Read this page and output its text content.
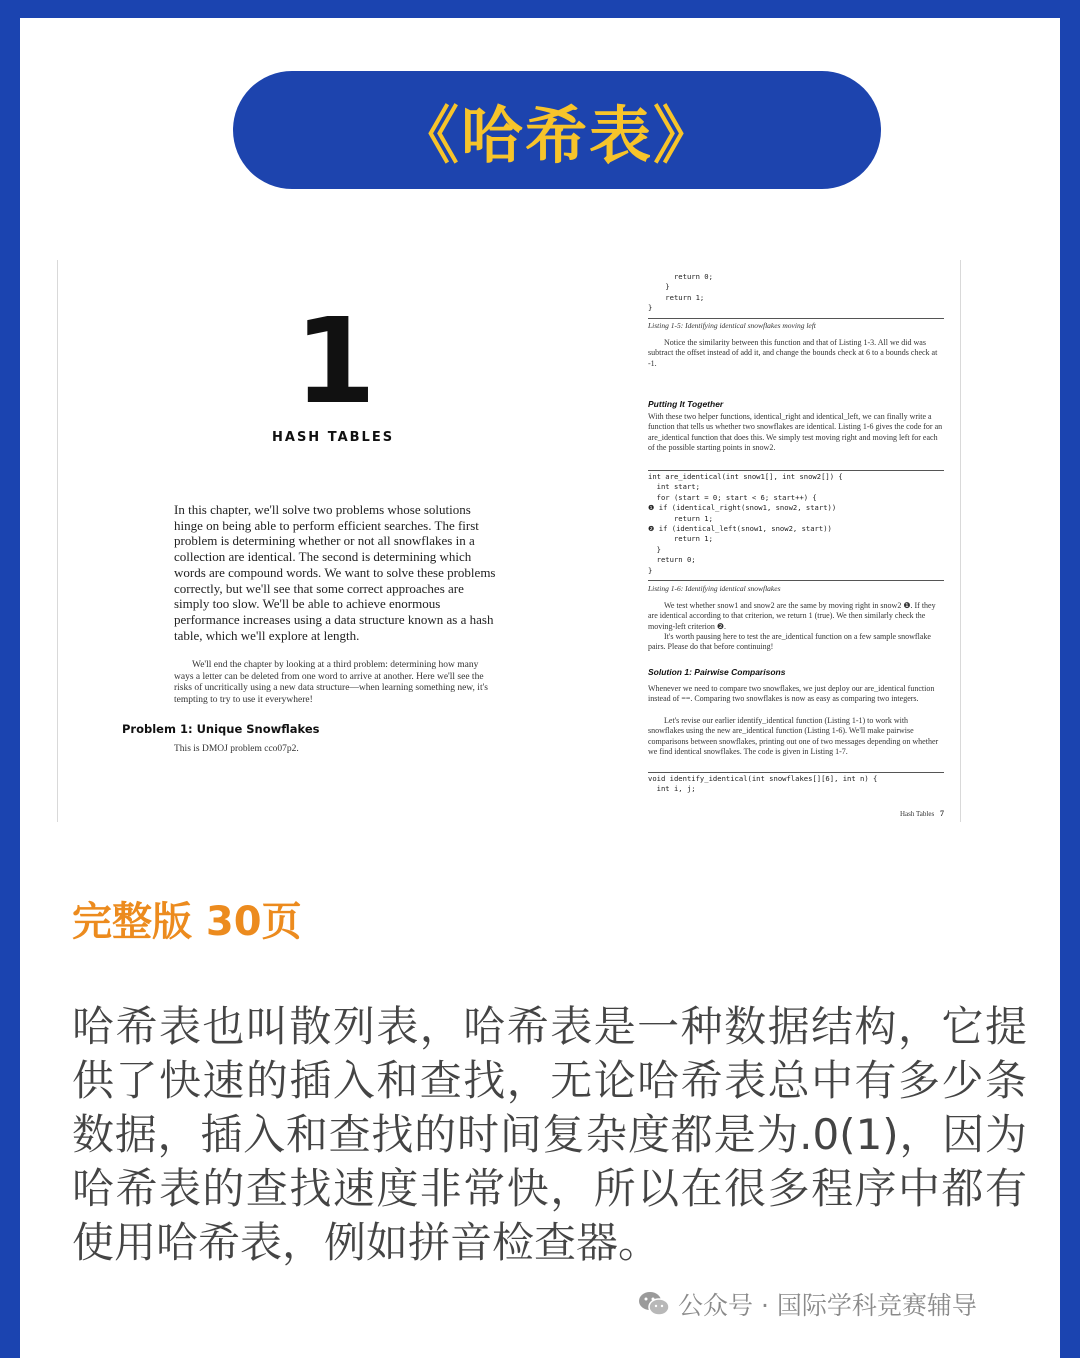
《哈希表》
1
HASH TABLES

In this chapter, we'll solve two problems whose solutions hinge on being able to perform efficient searches. The first problem is determining whether or not all snowflakes in a collection are identical. The second is determining which words are compound words. We want to solve these problems correctly, but we'll see that some correct approaches are simply too slow. We'll be able to achieve enormous performance increases using a data structure known as a hash table, which we'll explore at length.

We'll end the chapter by looking at a third problem: determining how many ways a letter can be deleted from one word to arrive at another. Here we'll see the risks of uncritically using a new data structure—when learning something new, it's tempting to try to use it everywhere!

Problem 1: Unique Snowflakes
This is DMOJ problem cco07p2.
return 0;
}
return 1;
}
Listing 1-5: Identifying identical snowflakes moving left

Notice the similarity between this function and that of Listing 1-3. All we did was subtract the offset instead of add it, and change the bounds check at 6 to a bounds check at -1.

Putting It Together

With these two helper functions, identical_right and identical_left, we can finally write a function that tells us whether two snowflakes are identical. Listing 1-6 gives the code for an are_identical function that does this. We simply test moving right and moving left for each of the possible starting points in snow2.

int are_identical(int snow1[], int snow2[]) {
int start;
for (start = 0; start < 6; start++) {
❶ if (identical_right(snow1, snow2, start))
return 1;
❷ if (identical_left(snow1, snow2, start))
return 1;
}
return 0;
}
Listing 1-6: Identifying identical snowflakes

We test whether snow1 and snow2 are the same by moving right in snow2 ❶. If they are identical according to that criterion, we return 1 (true). We then similarly check the moving-left criterion ❷.

It's worth pausing here to test the are_identical function on a few sample snowflake pairs. Please do that before continuing!

Solution 1: Pairwise Comparisons

Whenever we need to compare two snowflakes, we just deploy our are_identical function instead of ==. Comparing two snowflakes is now as easy as comparing two integers.

Let's revise our earlier identify_identical function (Listing 1-1) to work with snowflakes using the new are_identical function (Listing 1-6). We'll make pairwise comparisons between snowflakes, printing out one of two messages depending on whether we find identical snowflakes. The code is given in Listing 1-7.

void identify_identical(int snowflakes[][6], int n) {
int i, j;
Hash Tables 7
完整版 30页

哈希表也叫散列表，哈希表是一种数据结构，它提供了快速的插入和查找，无论哈希表总中有多少条数据，插入和查找的时间复杂度都是为.0(1)，因为哈希表的查找速度非常快，所以在很多程序中都有使用哈希表，例如拼音检查器。

公众号 · 国际学科竞赛辅导
